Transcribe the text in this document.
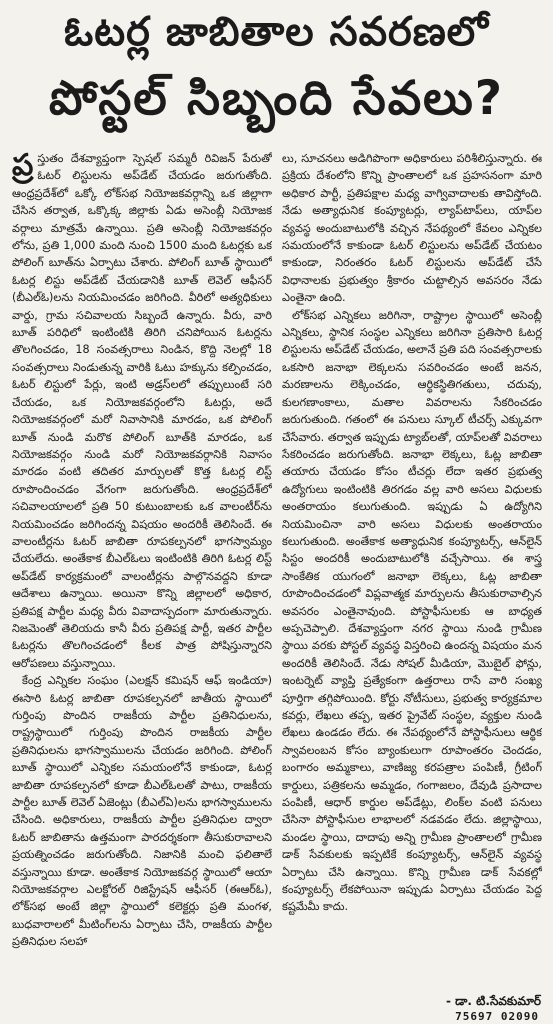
ఓటర్ల జాబితాల సవరణలో
పోస్టల్ సిబ్బంది సేవలు?

ప్ర స్తుతం దేశవ్యాప్తంగా స్పెషల్ సమ్మరీ రివిజన్ పేరుతో ఓటర్ లిస్టులను అప్‌డేట్ చేయడం జరుగుతోంది. ఆంధ్రప్రదేశ్‌లో ఒక్కో లోక్‌సభ నియోజకవర్గాన్ని ఒక జిల్లాగా చేసిన తర్వాత, ఒక్కొక్క జిల్లాకు ఏడు అసెంబ్లీ నియోజక వర్గాలు మాత్రమే ఉన్నాయి. ప్రతి అసెంబ్లీ నియోజకవర్గం లోను, ప్రతి 1,000 మంది నుంచి 1500 మంది ఓటర్లకు ఒక పోలింగ్ బూత్‌ను ఏర్పాటు చేశారు. పోలింగ్ బూత్ స్థాయిలో ఓటర్ల లిస్టు అప్‌డేట్ చేయడానికి బూత్ లెవెల్ ఆఫీసర్ (బీఎల్‌ఓ)లను నియమించడం జరిగింది. వీరిలో అత్యధికులు వార్డు, గ్రామ సచివాలయ సిబ్బందే ఉన్నారు. వీరు, వారి బూత్ పరిధిలో ఇంటింటికి తిరిగి చనిపోయిన ఓటర్లను తొలగించడం, 18 సంవత్సరాలు నిండిన, కొద్ది నెలల్లో 18 సంవత్సరాలు నిండుతున్న వారికి ఓటు హక్కును కల్పించడం, ఓటర్ లిస్టులో పేర్లు, ఇంటి అడ్రస్‌లలో తప్పులుంటే సరి చేయడం, ఒక నియోజకవర్గంలోని ఓటర్లు, అదే నియోజకవర్గంలో మరో నివాసానికి మారడం, ఒక పోలింగ్ బూత్ నుండి మరొక పోలింగ్ బూత్‌కి మారడం, ఒక నియోజకవర్గం నుండి మరో నియోజకవర్గానికి నివాసం మారడం వంటి తదితర మార్పులతో కొత్త ఓటర్ల లిస్ట్ రూపొందించడం వేగంగా జరుగుతోంది. ఆంధ్రప్రదేశ్‌లో సచివాలయాలలో ప్రతి 50 కుటుంబాలకు ఒక వాలంటీర్‌ను నియమించడం జరిగిందన్న విషయం అందరికీ తెలిసిందే. ఈ వాలంటీర్లను ఓటర్ జాబితా రూపకల్పనలో భాగస్వామ్యం చేయలేదు. అంతేకాక బీఎల్‌ఓలు ఇంటింటికి తిరిగి ఓటర్ల లిస్ట్ అప్‌డేట్ కార్యక్రమంలో వాలంటీర్లను పాల్గొనవద్దని కూడా ఆదేశాలు ఉన్నాయి. అయినా కొన్ని జిల్లాలలో అధికార, ప్రతిపక్ష పార్టీల మధ్య వీరు వివాదాస్పదంగా మారుతున్నారు. నిజమెంతో తెలియదు కానీ వీరు ప్రతిపక్ష పార్టీ, ఇతర పార్టీల ఓటర్లను తొలగించడంలో కీలక పాత్ర పోషిస్తున్నారని ఆరోపణలు వస్తున్నాయి.

కేంద్ర ఎన్నికల సంఘం (ఎలక్షన్ కమిషన్ ఆఫ్ ఇండియా) ఈసారి ఓటర్ల జాబితా రూపకల్పనలో జాతీయ స్థాయిలో గుర్తింపు పొందిన రాజకీయ పార్టీల ప్రతినిధులను, రాష్ట్రస్థాయిలో గుర్తింపు పొందిన రాజకీయ పార్టీల ప్రతినిధులను భాగస్వాములను చేయడం జరిగింది. పోలింగ్ బూత్ స్థాయిలో ఎన్నికల సమయంలోనే కాకుండా, ఓటర్ల జాబితా రూపకల్పనలో కూడా బీఎల్‌ఓలతో పాటు, రాజకీయ పార్టీల బూత్ లెవెల్ ఏజెంట్లు (బీఎల్‌ఏ)లను భాగస్వాములను చేసింది. అధికారులు, రాజకీయ పార్టీల ప్రతినిధుల ద్వారా ఓటర్ జాబితాను ఉత్తమంగా పారదర్శకంగా తీసుకురావాలని ప్రయత్నించడం జరుగుతోంది. నిజానికి మంచి ఫలితాలే వస్తున్నాయి కూడా. అంతేకాక నియోజకవర్గ స్థాయిలో ఆయా నియోజకవర్గాల ఎలక్టోరల్ రిజిస్ట్రేషన్ ఆఫీసర్ (ఈఆర్‌ఓ), లోక్‌సభ అంటే జిల్లా స్థాయిలో కలెక్టర్లు ప్రతి మంగళ, బుధవారాలలో మీటింగ్‌లను ఏర్పాటు చేసి, రాజకీయ పార్టీల ప్రతినిధుల సలహా

లు, సూచనలు అడిగిపొంగా అధికారులు పరిశీలిస్తున్నారు. ఈ ప్రక్రియ దేశంలోని కొన్ని ప్రాంతాలలో ఒక ప్రహసనంగా మారి అధికార పార్టీ, ప్రతిపక్షాల మధ్య వాగ్వివాదాలకు తావిస్తోంది. నేడు అత్యాధునిక కంప్యూటర్లు, ల్యాప్‌టాప్‌లు, యాప్‌ల వ్యవస్థ అందుబాటులోకి వచ్చిన నేపథ్యంలో కేవలం ఎన్నికల సమయంలోనే కాకుండా ఓటర్ లిస్టులను అప్‌డేట్ చేయటం కాకుండా, నిరంతరం ఓటర్ లిస్టులను అప్‌డేట్ చేసే విధానాలకు ప్రభుత్వం శ్రీకారం చుట్టాల్సిన అవసరం నేడు ఎంతైనా ఉంది.

లోక్‌సభ ఎన్నికలు జరిగినా, రాష్ట్రాల స్థాయిలో అసెంబ్లీ ఎన్నికలు, స్థానిక సంస్థల ఎన్నికలు జరిగినా ప్రతిసారి ఓటర్ల లిస్టులను అప్‌డేట్ చేయడం, అలానే ప్రతి పది సంవత్సరాలకు ఒకసారి జనాభా లెక్కలను సవరించడం అంటే జనన, మరణాలను లెక్కించడం, ఆర్థికస్థితిగతులు, చదువు, కులగణాంకాలు, మతాల వివరాలను సేకరించడం జరుగుతుంది. గతంలో ఈ పనులు స్కూల్ టీచర్స్ ఎక్కువగా చేసేవారు. తర్వాత ఇప్పుడు ట్యాబ్‌లతో, యాప్‌లతో వివరాలు సేకరించడం జరుగుతోంది. జనాభా లెక్కలు, ఓట్ల జాబితా తయారు చేయడం కోసం టీచర్లు లేదా ఇతర ప్రభుత్వ ఉద్యోగులు ఇంటింటికి తిరగడం వల్ల వారి అసలు విధులకు అంతరాయం కలుగుతుంది. ఇప్పుడు ఏ ఉద్యోగిని నియమించినా వారి అసలు విధులకు అంతరాయం కలుగుతుంది. అంతేకాక అత్యాధునిక కంప్యూటర్స్, ఆన్‌లైన్ సిస్టం అందరికీ అందుబాటులోకి వచ్చేసాయి. ఈ శాస్త్ర సాంకేతిక యుగంలో జనాభా లెక్కలు, ఓట్ల జాబితా రూపొందించడంలో విప్లవాత్మక మార్పులను తీసుకురావాల్సిన అవసరం ఎంతైనావుంది. పోస్టాఫీసులకు ఆ బాధ్యత అప్పచెప్పాలి. దేశవ్యాప్తంగా నగర స్థాయి నుండి గ్రామీణ స్థాయి వరకు పోస్టల్ వ్యవస్థ విస్తరించి ఉందన్న విషయం మన అందరికీ తెలిసిందే. నేడు సోషల్ మీడియా, మొబైల్ ఫోన్లు, ఇంటర్నెట్ వ్యాప్తి ప్రత్యేకంగా ఉత్తరాలు రాసే వారి సంఖ్య పూర్తిగా తగ్గిపోయింది. కోర్టు నోటీసులు, ప్రభుత్వ కార్యక్రమాల కవర్లు, లేఖలు తప్ప, ఇతర ప్రైవేట్ సంస్థల, వ్యక్తుల నుండి లేఖలు ఉండడం లేదు. ఈ నేపథ్యంలోనే పోస్టాఫీసులు ఆర్థిక స్వావలంబన కోసం బ్యాంకులుగా రూపాంతరం చెందడం, బంగారం అమ్మకాలు, వాణిజ్య కరపత్రాల పంపిణీ, గ్రీటింగ్ కార్డులు, పత్రికలను అమ్మడం, గంగాజలం, దేవుడి ప్రసాదాల పంపిణీ, ఆధార్ కార్డుల అప్‌డేట్లు, లింక్‌ల వంటి పనులు చేసినా పోస్టాఫీసుల లాభాలలో నడవడం లేదు. జిల్లాస్థాయి, మండల స్థాయి, దాదాపు అన్ని గ్రామీణ ప్రాంతాలలో గ్రామీణ డాక్ సేవకులకు ఇప్పటికే కంప్యూటర్స్, ఆన్‌లైన్ వ్యవస్థ ఏర్పాటు చేసి ఉన్నాయి. కొన్ని గ్రామీణ డాక్ సేవకల్లో కంప్యూటర్స్ లేకపోయినా ఇప్పుడు ఏర్పాటు చేయడం పెద్ద కష్టమేమీ కాదు.

- డా. టి.సేవకుమార్
75697 02090
